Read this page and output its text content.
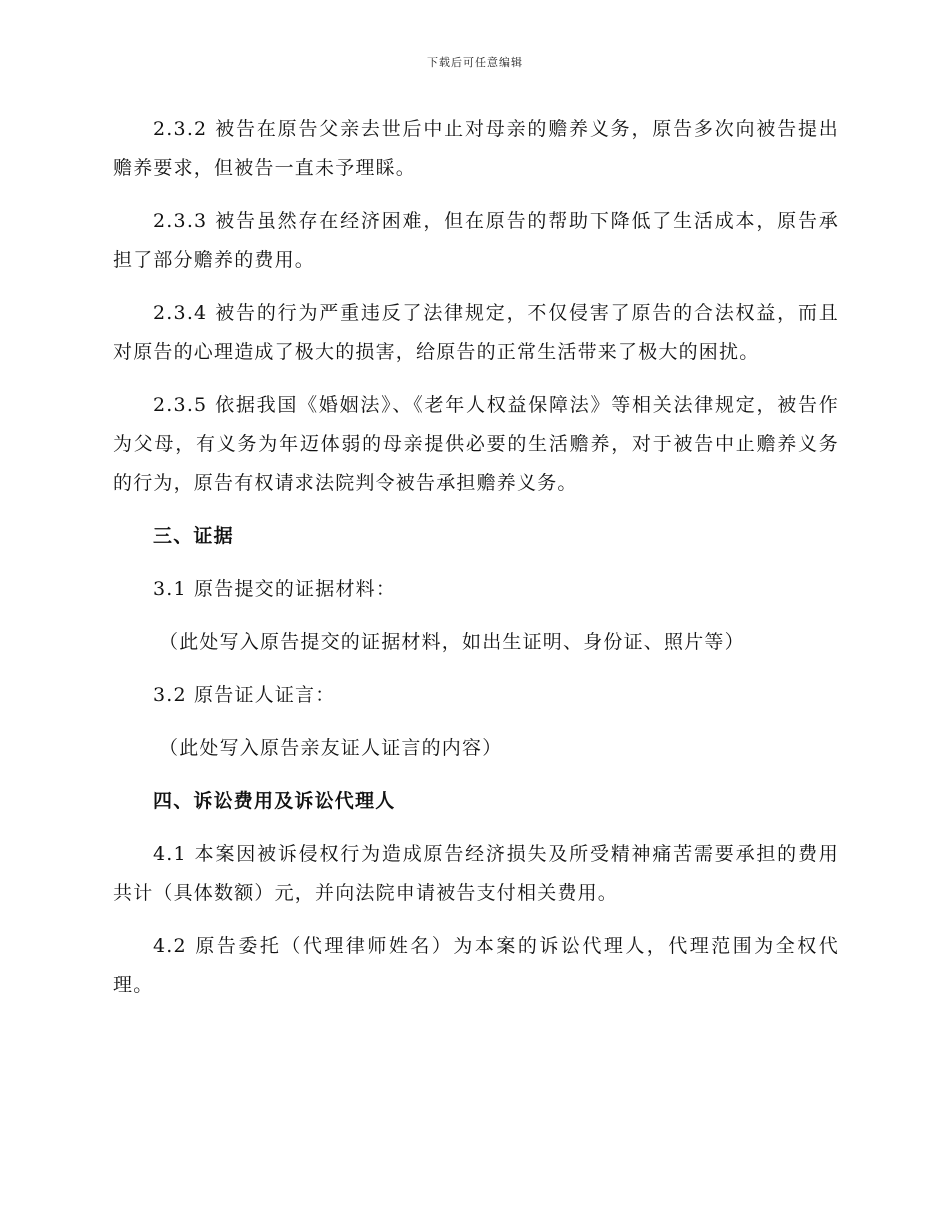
下载后可任意编辑

2.3.2 被告在原告父亲去世后中止对母亲的赡养义务，原告多次向被告提出赡养要求，但被告一直未予理睬。

2.3.3 被告虽然存在经济困难，但在原告的帮助下降低了生活成本，原告承担了部分赡养的费用。

2.3.4 被告的行为严重违反了法律规定，不仅侵害了原告的合法权益，而且对原告的心理造成了极大的损害，给原告的正常生活带来了极大的困扰。

2.3.5 依据我国《婚姻法》、《老年人权益保障法》等相关法律规定，被告作为父母，有义务为年迈体弱的母亲提供必要的生活赡养，对于被告中止赡养义务的行为，原告有权请求法院判令被告承担赡养义务。

三、证据

3.1 原告提交的证据材料：

（此处写入原告提交的证据材料，如出生证明、身份证、照片等）

3.2 原告证人证言：

（此处写入原告亲友证人证言的内容）

四、诉讼费用及诉讼代理人

4.1 本案因被诉侵权行为造成原告经济损失及所受精神痛苦需要承担的费用共计（具体数额）元，并向法院申请被告支付相关费用。

4.2 原告委托（代理律师姓名）为本案的诉讼代理人，代理范围为全权代理。
